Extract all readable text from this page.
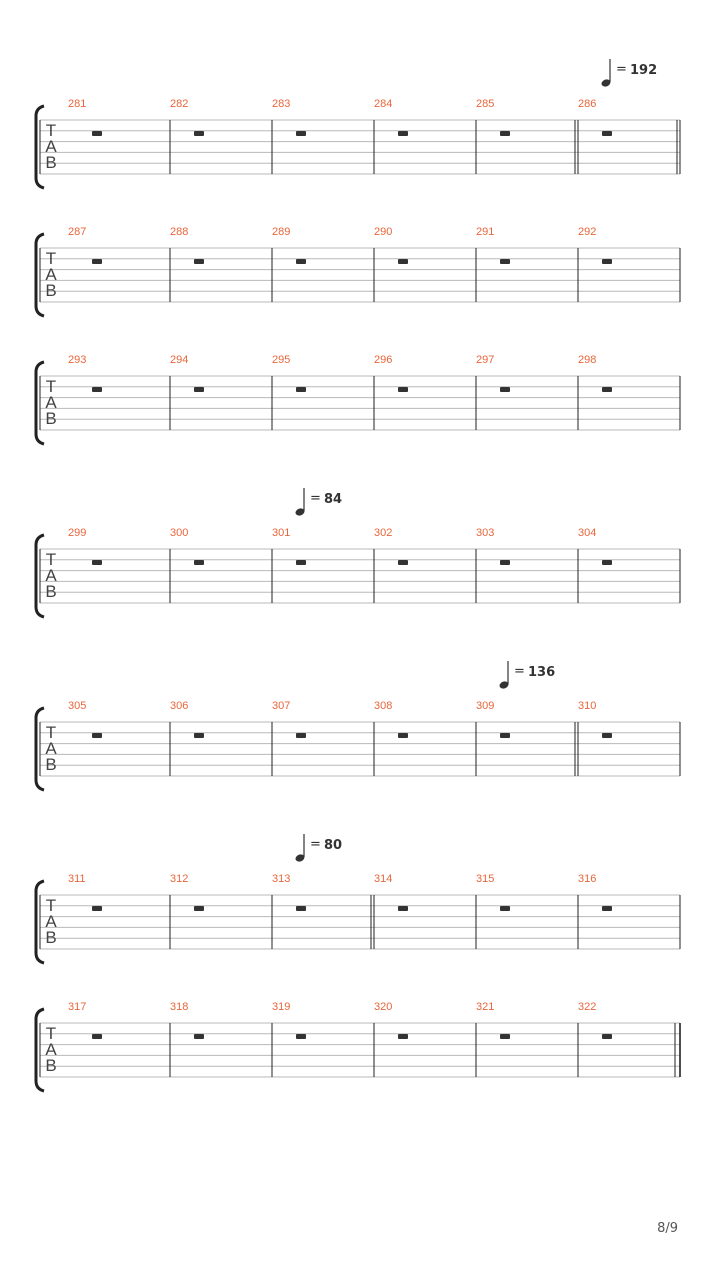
T
A
B
281	282	283	284	285	286
= 192
T
A
B
287	288	289	290	291	292
T
A
B
293	294	295	296	297	298
T
A
B
299	300	301	302	303	304
= 84
T
A
B
305	306	307	308	309	310
= 136
T
A
B
311	312	313	314	315	316
= 80
T
A
B
317	318	319	320	321	322
8/9
